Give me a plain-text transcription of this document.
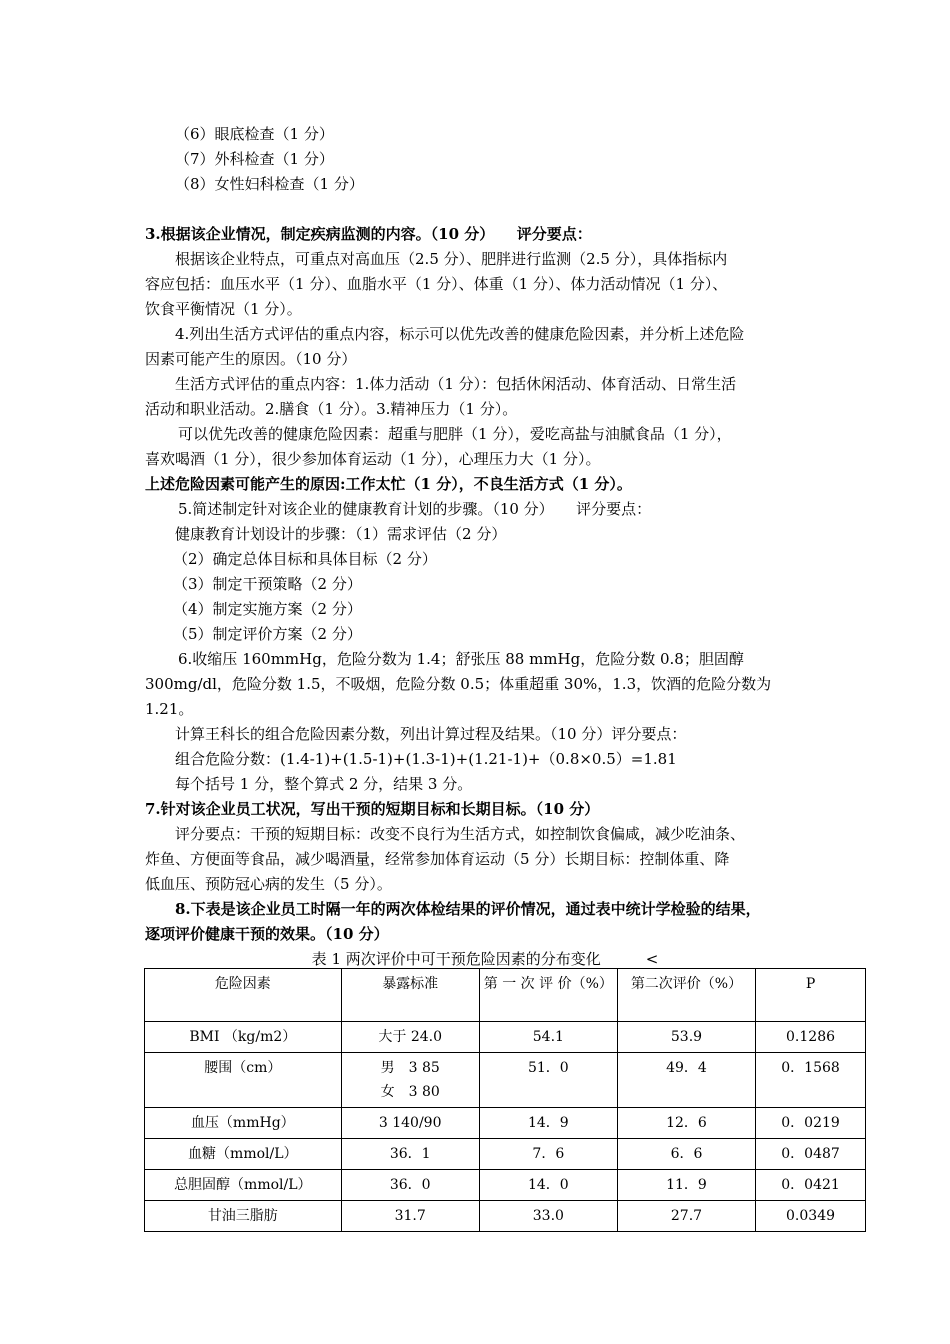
（6）眼底检查（1 分）
（7）外科检查（1 分）
（8）女性妇科检查（1 分）
3.根据该企业情况，制定疾病监测的内容。（10 分）　　评分要点：
根据该企业特点，可重点对高血压（2.5 分）、肥胖进行监测（2.5 分），具体指标内
容应包括：血压水平（1 分）、血脂水平（1 分）、体重（1 分）、体力活动情况（1 分）、
饮食平衡情况（1 分）。
4.列出生活方式评估的重点内容，标示可以优先改善的健康危险因素，并分析上述危险
因素可能产生的原因。（10 分）
生活方式评估的重点内容：1.体力活动（1 分）：包括休闲活动、体育活动、日常生活
活动和职业活动。2.膳食（1 分）。3.精神压力（1 分）。
可以优先改善的健康危险因素：超重与肥胖（1 分），爱吃高盐与油腻食品（1 分），
喜欢喝酒（1 分），很少参加体育运动（1 分），心理压力大（1 分）。
上述危险因素可能产生的原因:工作太忙（1 分），不良生活方式（1 分）。
5.简述制定针对该企业的健康教育计划的步骤。（10 分）　　评分要点：
健康教育计划设计的步骤：（1）需求评估（2 分）
（2）确定总体目标和具体目标（2 分）
（3）制定干预策略（2 分）
（4）制定实施方案（2 分）
（5）制定评价方案（2 分）
6.收缩压 160mmHg，危险分数为 1.4；舒张压 88 mmHg，危险分数 0.8；胆固醇
300mg/dl，危险分数 1.5，不吸烟，危险分数 0.5；体重超重 30%，1.3，饮酒的危险分数为
1.21。
计算王科长的组合危险因素分数，列出计算过程及结果。（10 分）评分要点：
组合危险分数：(1.4-1)+(1.5-1)+(1.3-1)+(1.21-1)+（0.8×0.5）=1.81
每个括号 1 分，整个算式 2 分，结果 3 分。
7.针对该企业员工状况，写出干预的短期目标和长期目标。（10 分）
评分要点：干预的短期目标：改变不良行为生活方式，如控制饮食偏咸，减少吃油条、
炸鱼、方便面等食品，减少喝酒量，经常参加体育运动（5 分）长期目标：控制体重、降
低血压、预防冠心病的发生（5 分）。
8.下表是该企业员工时隔一年的两次体检结果的评价情况，通过表中统计学检验的结果，
逐项评价健康干预的效果。（10 分）
表 1 两次评价中可干预危险因素的分布变化　　　<
危险因素	暴露标准	第 一 次 评 价（%）	第二次评价（%）	P
BMI （kg/m2）	大于 24.0	54.1	53.9	0.1286
腰围（cm）	男　3 85
女　3 80	51．0	49．4	0．1568
血压（mmHg）	3 140/90	14．9	12．6	0．0219
血糖（mmol/L）	36．1	7．6	6．6	0．0487
总胆固醇（mmol/L）	36．0	14．0	11．9	0．0421
甘油三脂肪	31.7	33.0	27.7	0.0349
